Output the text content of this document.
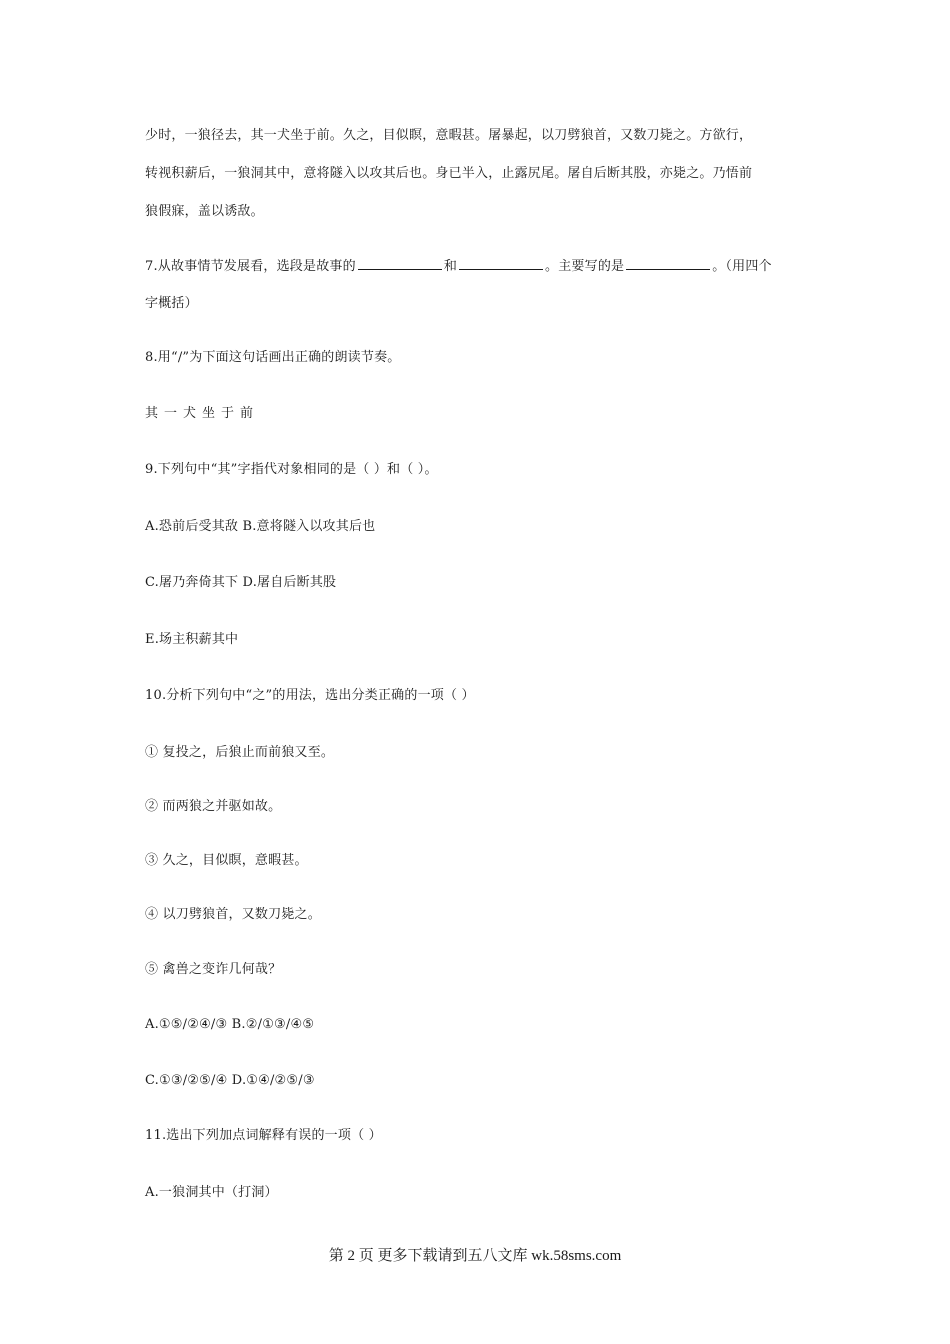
少时，一狼径去，其一犬坐于前。久之，目似瞑，意暇甚。屠暴起，以刀劈狼首，又数刀毙之。方欲行，
转视积薪后，一狼洞其中，意将隧入以攻其后也。身已半入，止露尻尾。屠自后断其股，亦毙之。乃悟前
狼假寐，盖以诱敌。
7.从故事情节发展看，选段是故事的	和	。主要写的是	。（用四个
字概括）
8.用“/”为下面这句话画出正确的朗读节奏。
其一犬坐于前
9.下列句中“其”字指代对象相同的是（ ）和（ ）。
A.恐前后受其敌 B.意将隧入以攻其后也
C.屠乃奔倚其下 D.屠自后断其股
E.场主积薪其中
10.分析下列句中“之”的用法，选出分类正确的一项（ ）
① 复投之，后狼止而前狼又至。
② 而两狼之并驱如故。
③ 久之，目似瞑，意暇甚。
④ 以刀劈狼首，又数刀毙之。
⑤ 禽兽之变诈几何哉？
A.①⑤/②④/③ B.②/①③/④⑤
C.①③/②⑤/④ D.①④/②⑤/③
11.选出下列加点词解释有误的一项（ ）
A.一狼洞其中（打洞）
第 2 页 更多下载请到五八文库 wk.58sms.com
